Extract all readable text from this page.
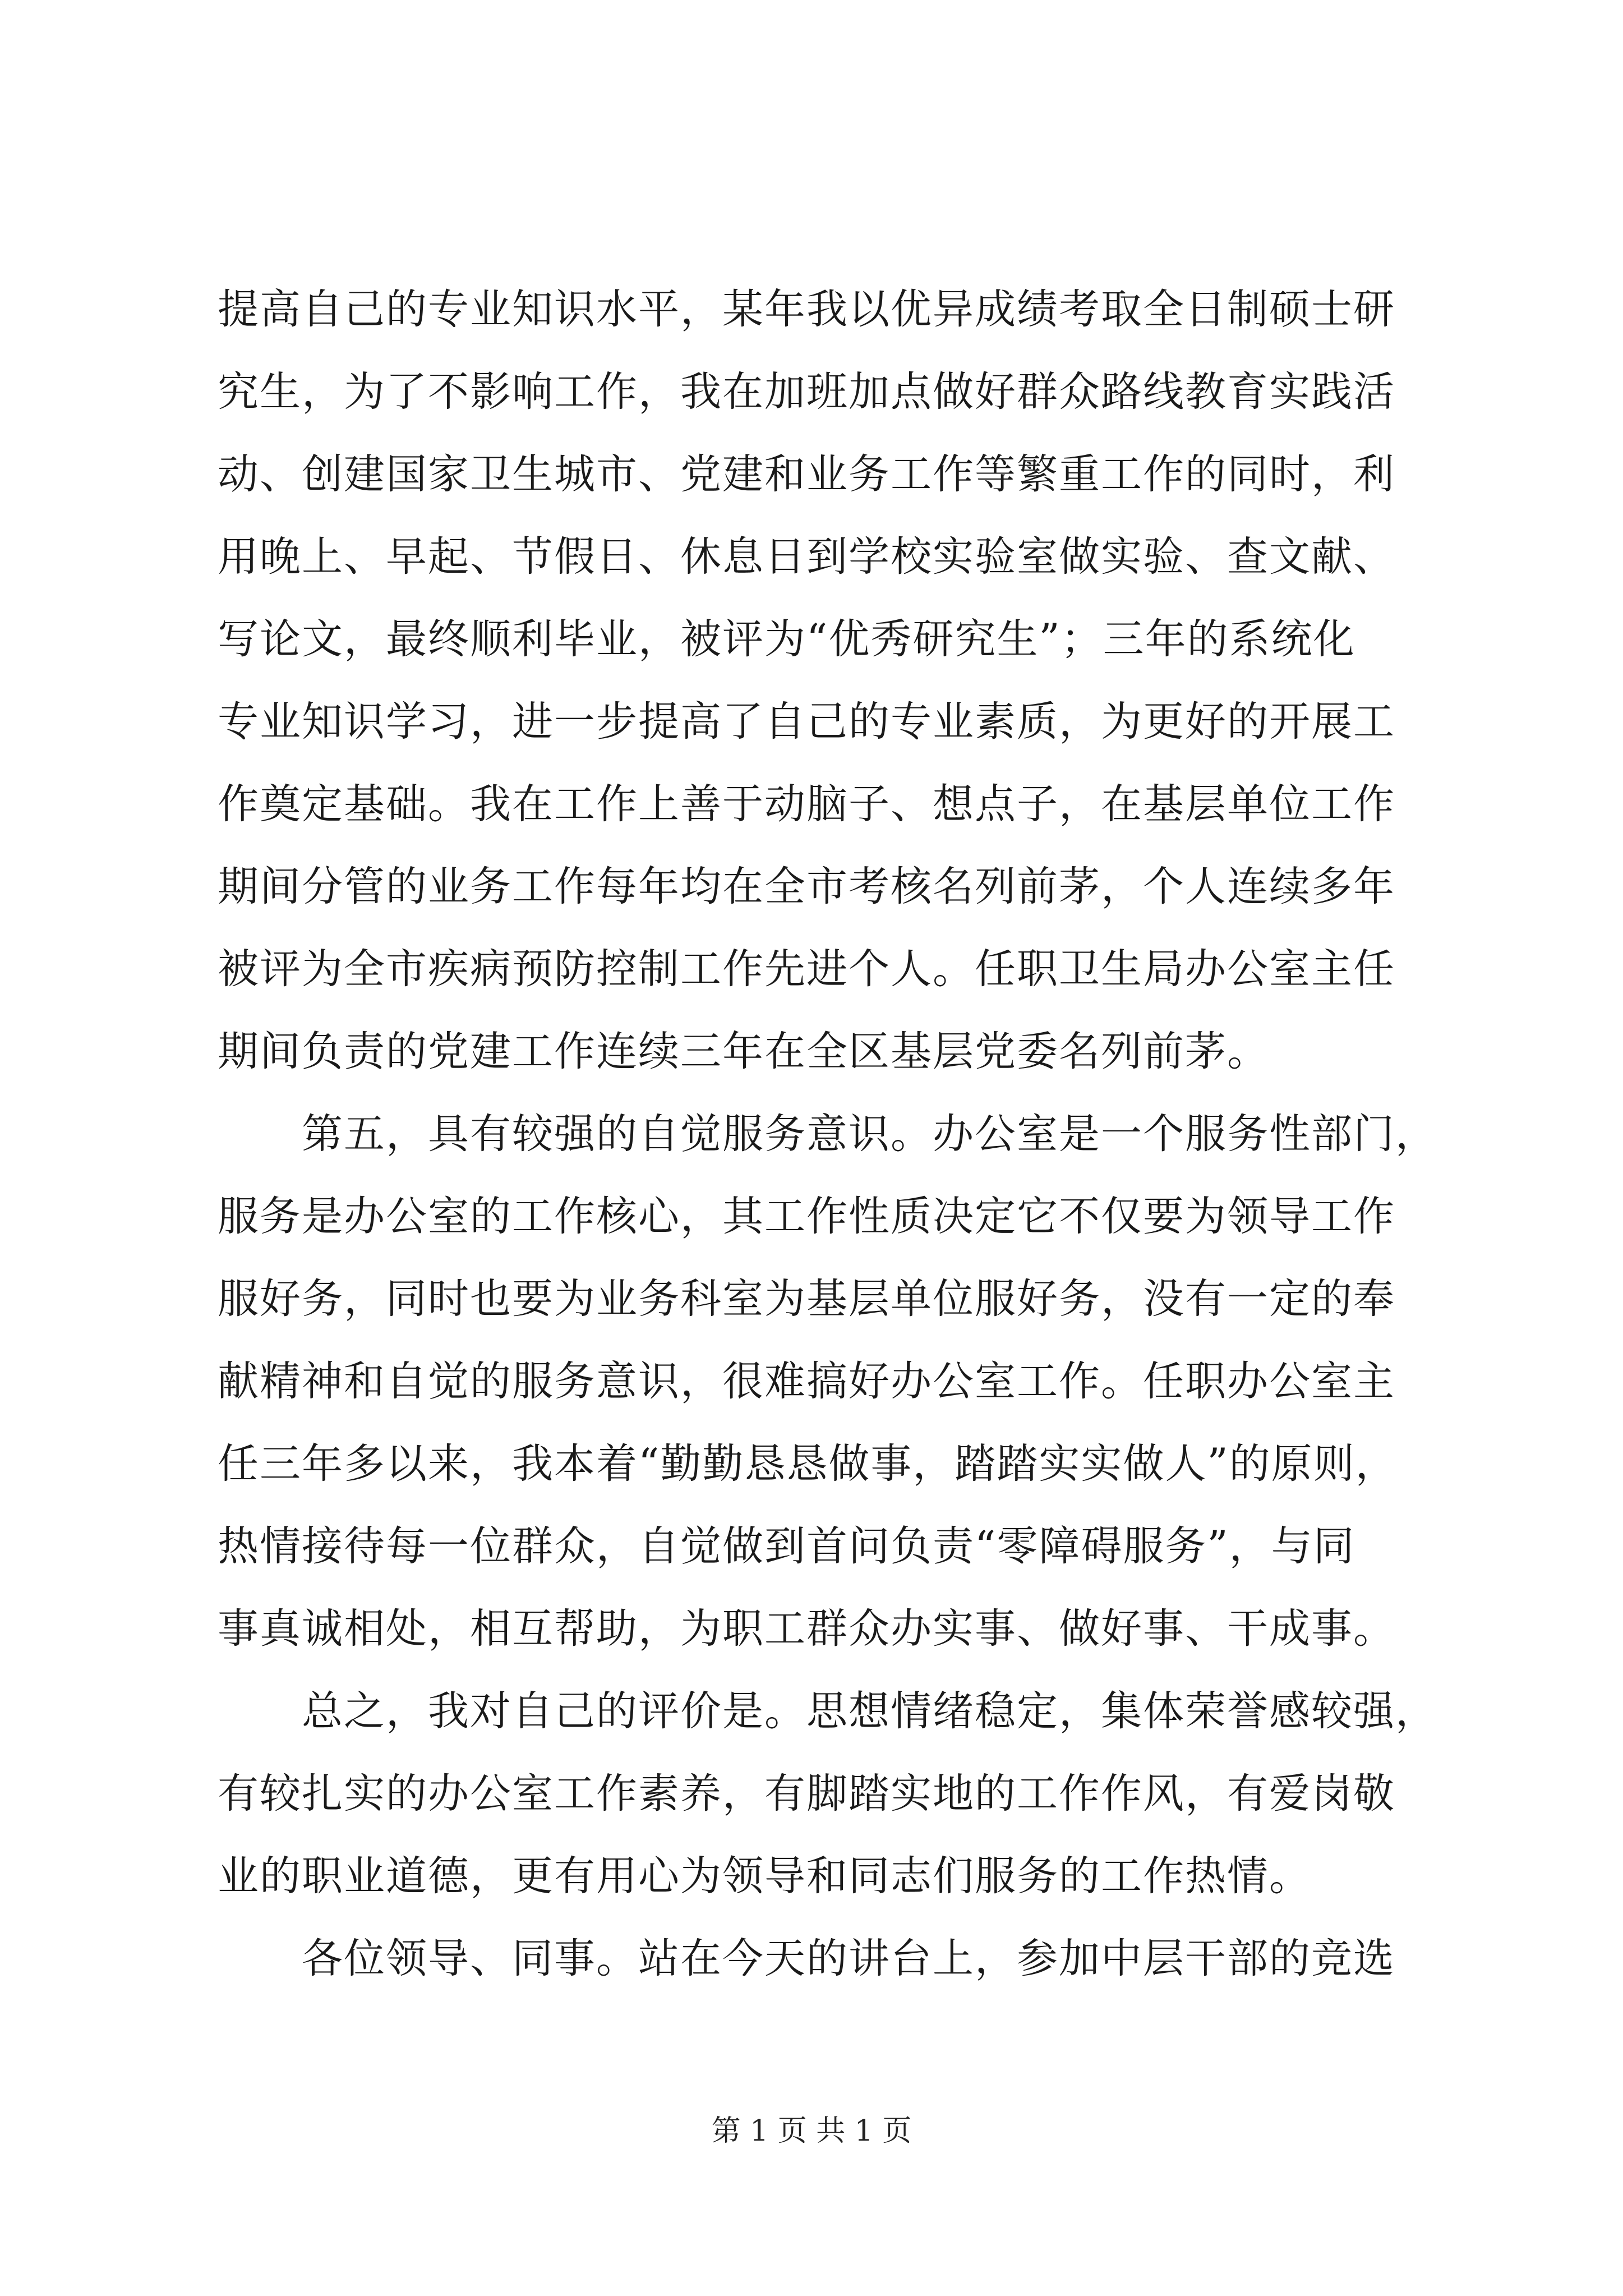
提高自己的专业知识水平，某年我以优异成绩考取全日制硕士研
究生，为了不影响工作，我在加班加点做好群众路线教育实践活
动、创建国家卫生城市、党建和业务工作等繁重工作的同时，利
用晚上、早起、节假日、休息日到学校实验室做实验、查文献、
写论文，最终顺利毕业，被评为“优秀研究生”；三年的系统化
专业知识学习，进一步提高了自己的专业素质，为更好的开展工
作奠定基础。我在工作上善于动脑子、想点子，在基层单位工作
期间分管的业务工作每年均在全市考核名列前茅，个人连续多年
被评为全市疾病预防控制工作先进个人。任职卫生局办公室主任
期间负责的党建工作连续三年在全区基层党委名列前茅。
　　第五，具有较强的自觉服务意识。办公室是一个服务性部门，
服务是办公室的工作核心，其工作性质决定它不仅要为领导工作
服好务，同时也要为业务科室为基层单位服好务，没有一定的奉
献精神和自觉的服务意识，很难搞好办公室工作。任职办公室主
任三年多以来，我本着“勤勤恳恳做事，踏踏实实做人”的原则，
热情接待每一位群众，自觉做到首问负责“零障碍服务”，与同
事真诚相处，相互帮助，为职工群众办实事、做好事、干成事。
　　总之，我对自己的评价是。思想情绪稳定，集体荣誉感较强，
有较扎实的办公室工作素养，有脚踏实地的工作作风，有爱岗敬
业的职业道德，更有用心为领导和同志们服务的工作热情。
　　各位领导、同事。站在今天的讲台上，参加中层干部的竞选
第 1 页 共 1 页
